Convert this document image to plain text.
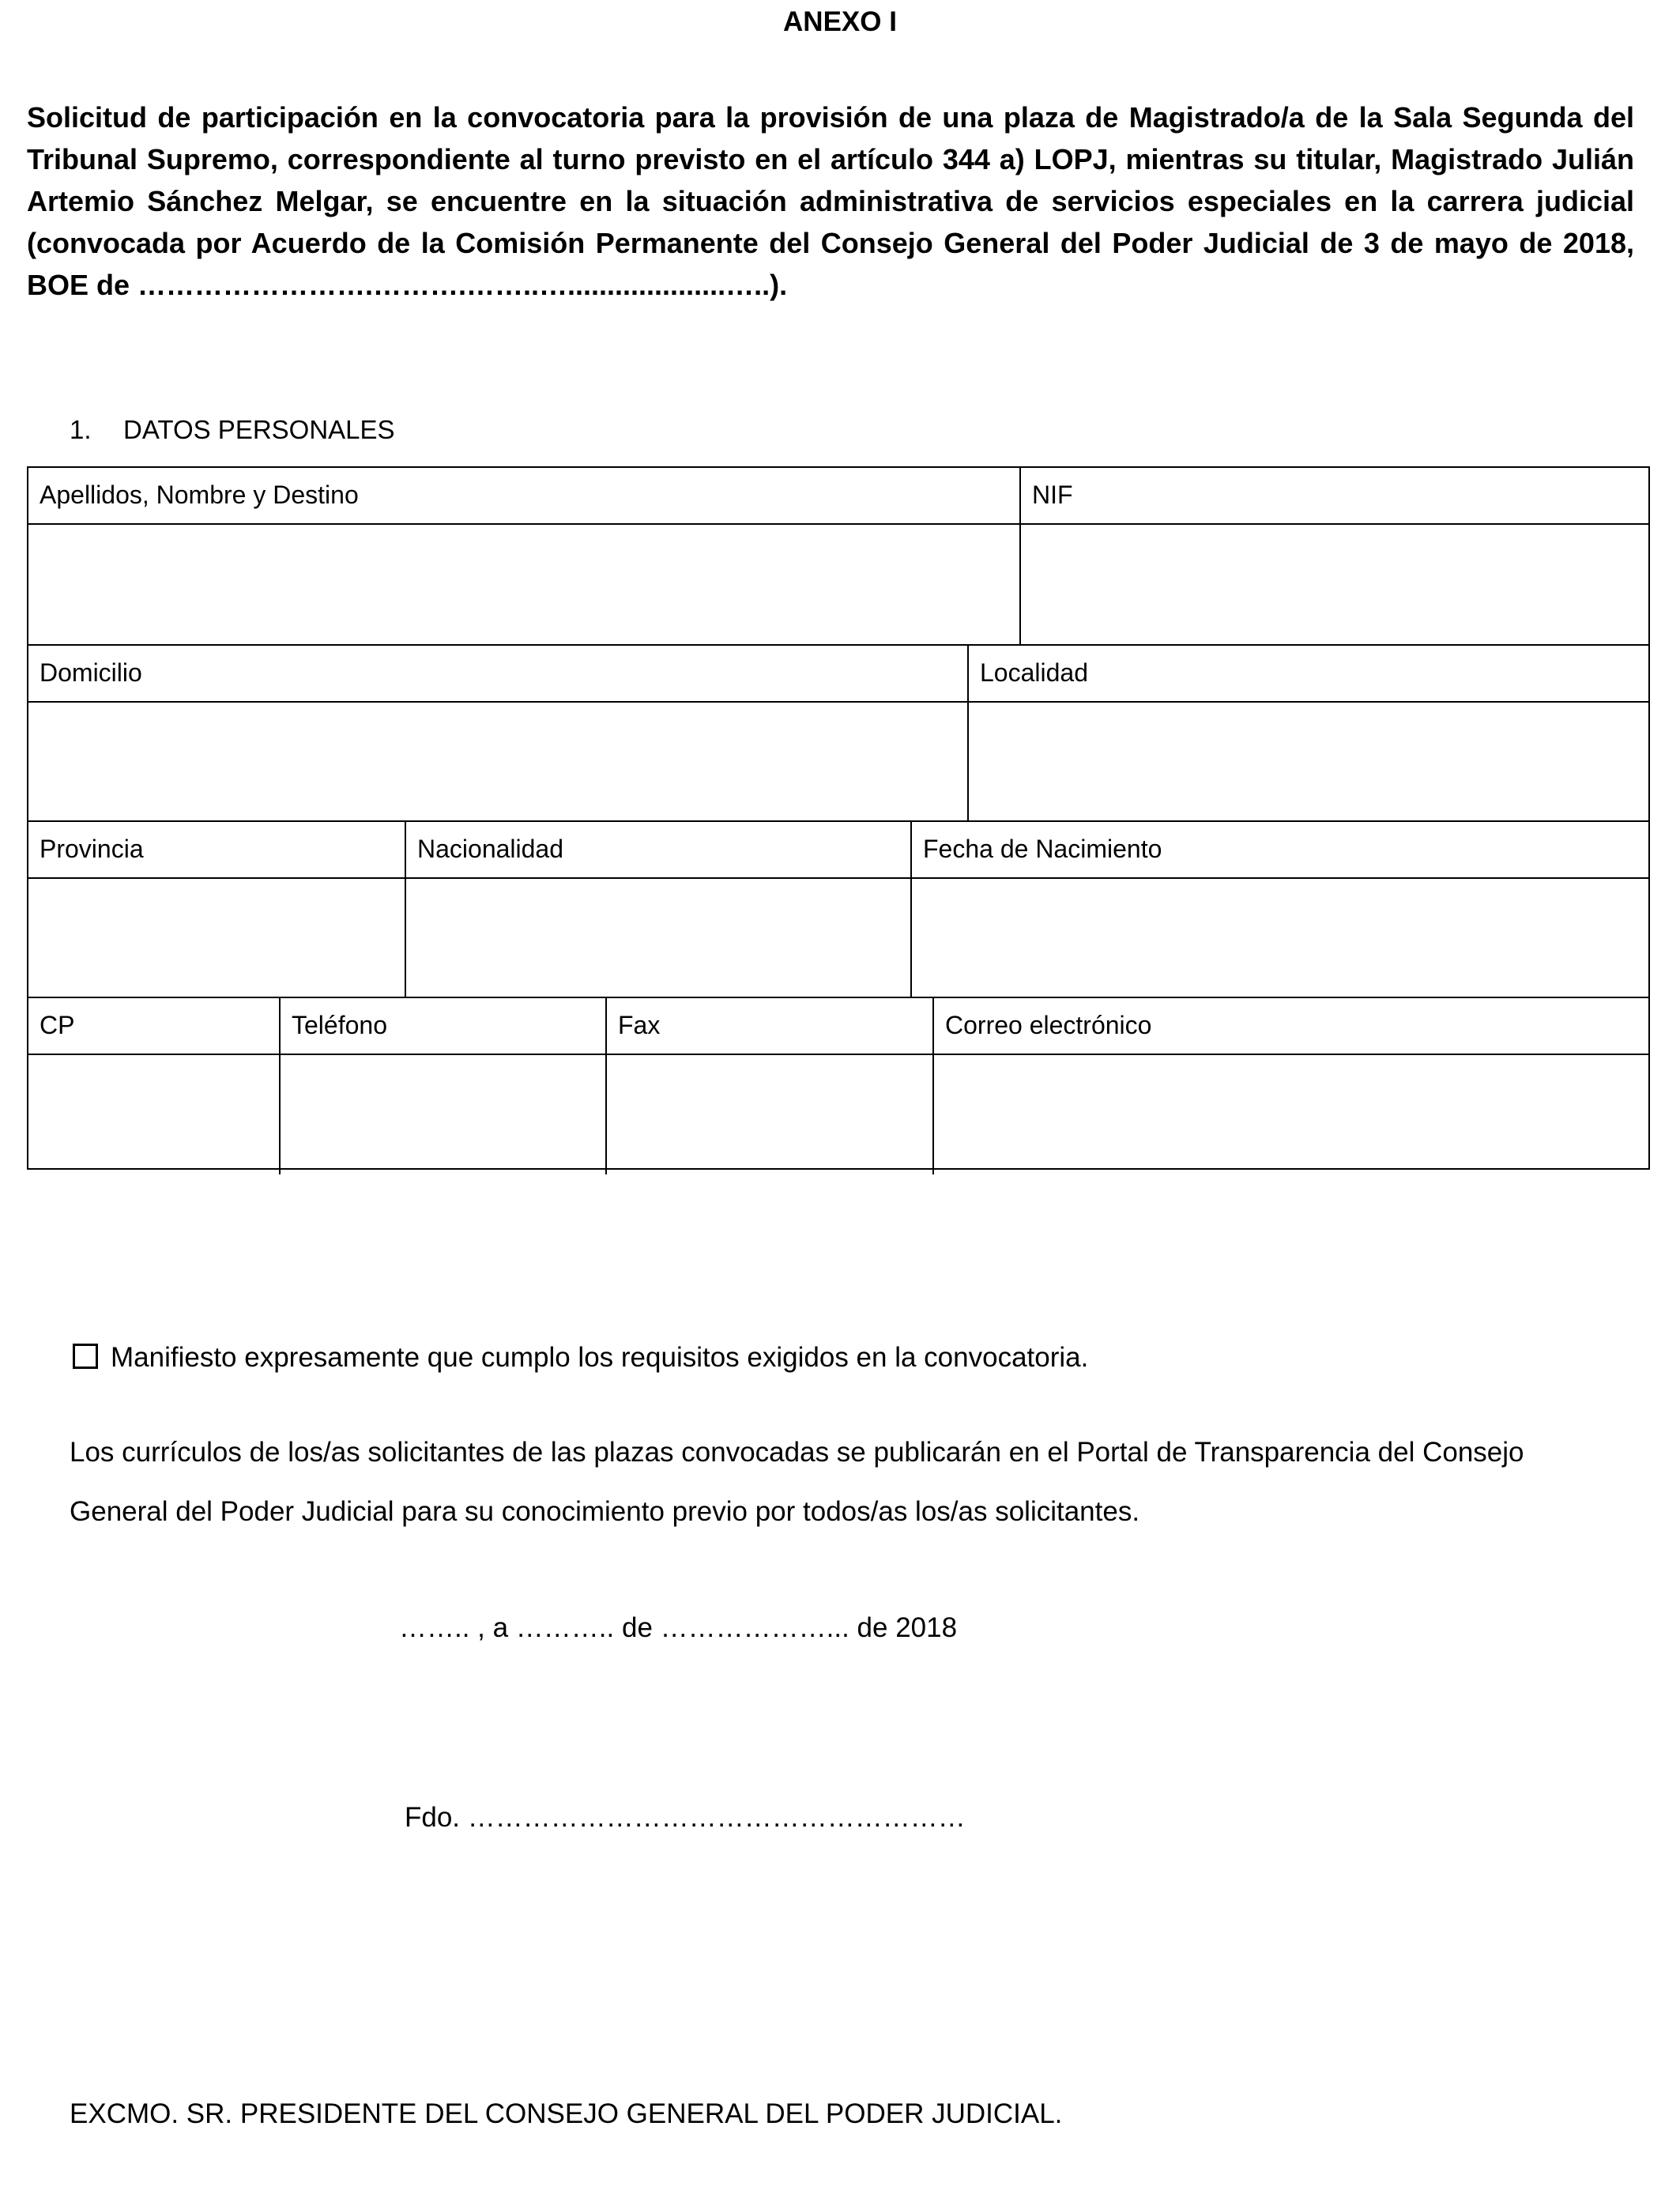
ANEXO I

Solicitud de participación en la convocatoria para la provisión de una plaza de Magistrado/a de la Sala Segunda del Tribunal Supremo, correspondiente al turno previsto en el artículo 344 a) LOPJ, mientras su titular, Magistrado Julián Artemio Sánchez Melgar, se encuentre en la situación administrativa de servicios especiales en la carrera judicial (convocada por Acuerdo de la Comisión Permanente del Consejo General del Poder Judicial de 3 de mayo de 2018, BOE de …………………….……….……..…....................…..).

1. DATOS PERSONALES
Apellidos, Nombre y Destino	NIF
Domicilio	Localidad
Provincia	Nacionalidad	Fecha de Nacimiento
CP	Teléfono	Fax	Correo electrónico
Manifiesto expresamente que cumplo los requisitos exigidos en la convocatoria.

Los currículos de los/as solicitantes de las plazas convocadas se publicarán en el Portal de Transparencia del Consejo General del Poder Judicial para su conocimiento previo por todos/as los/as solicitantes.

…….. , a ……….. de ………………... de 2018
Fdo. ………………………………………………
EXCMO. SR. PRESIDENTE DEL CONSEJO GENERAL DEL PODER JUDICIAL.
